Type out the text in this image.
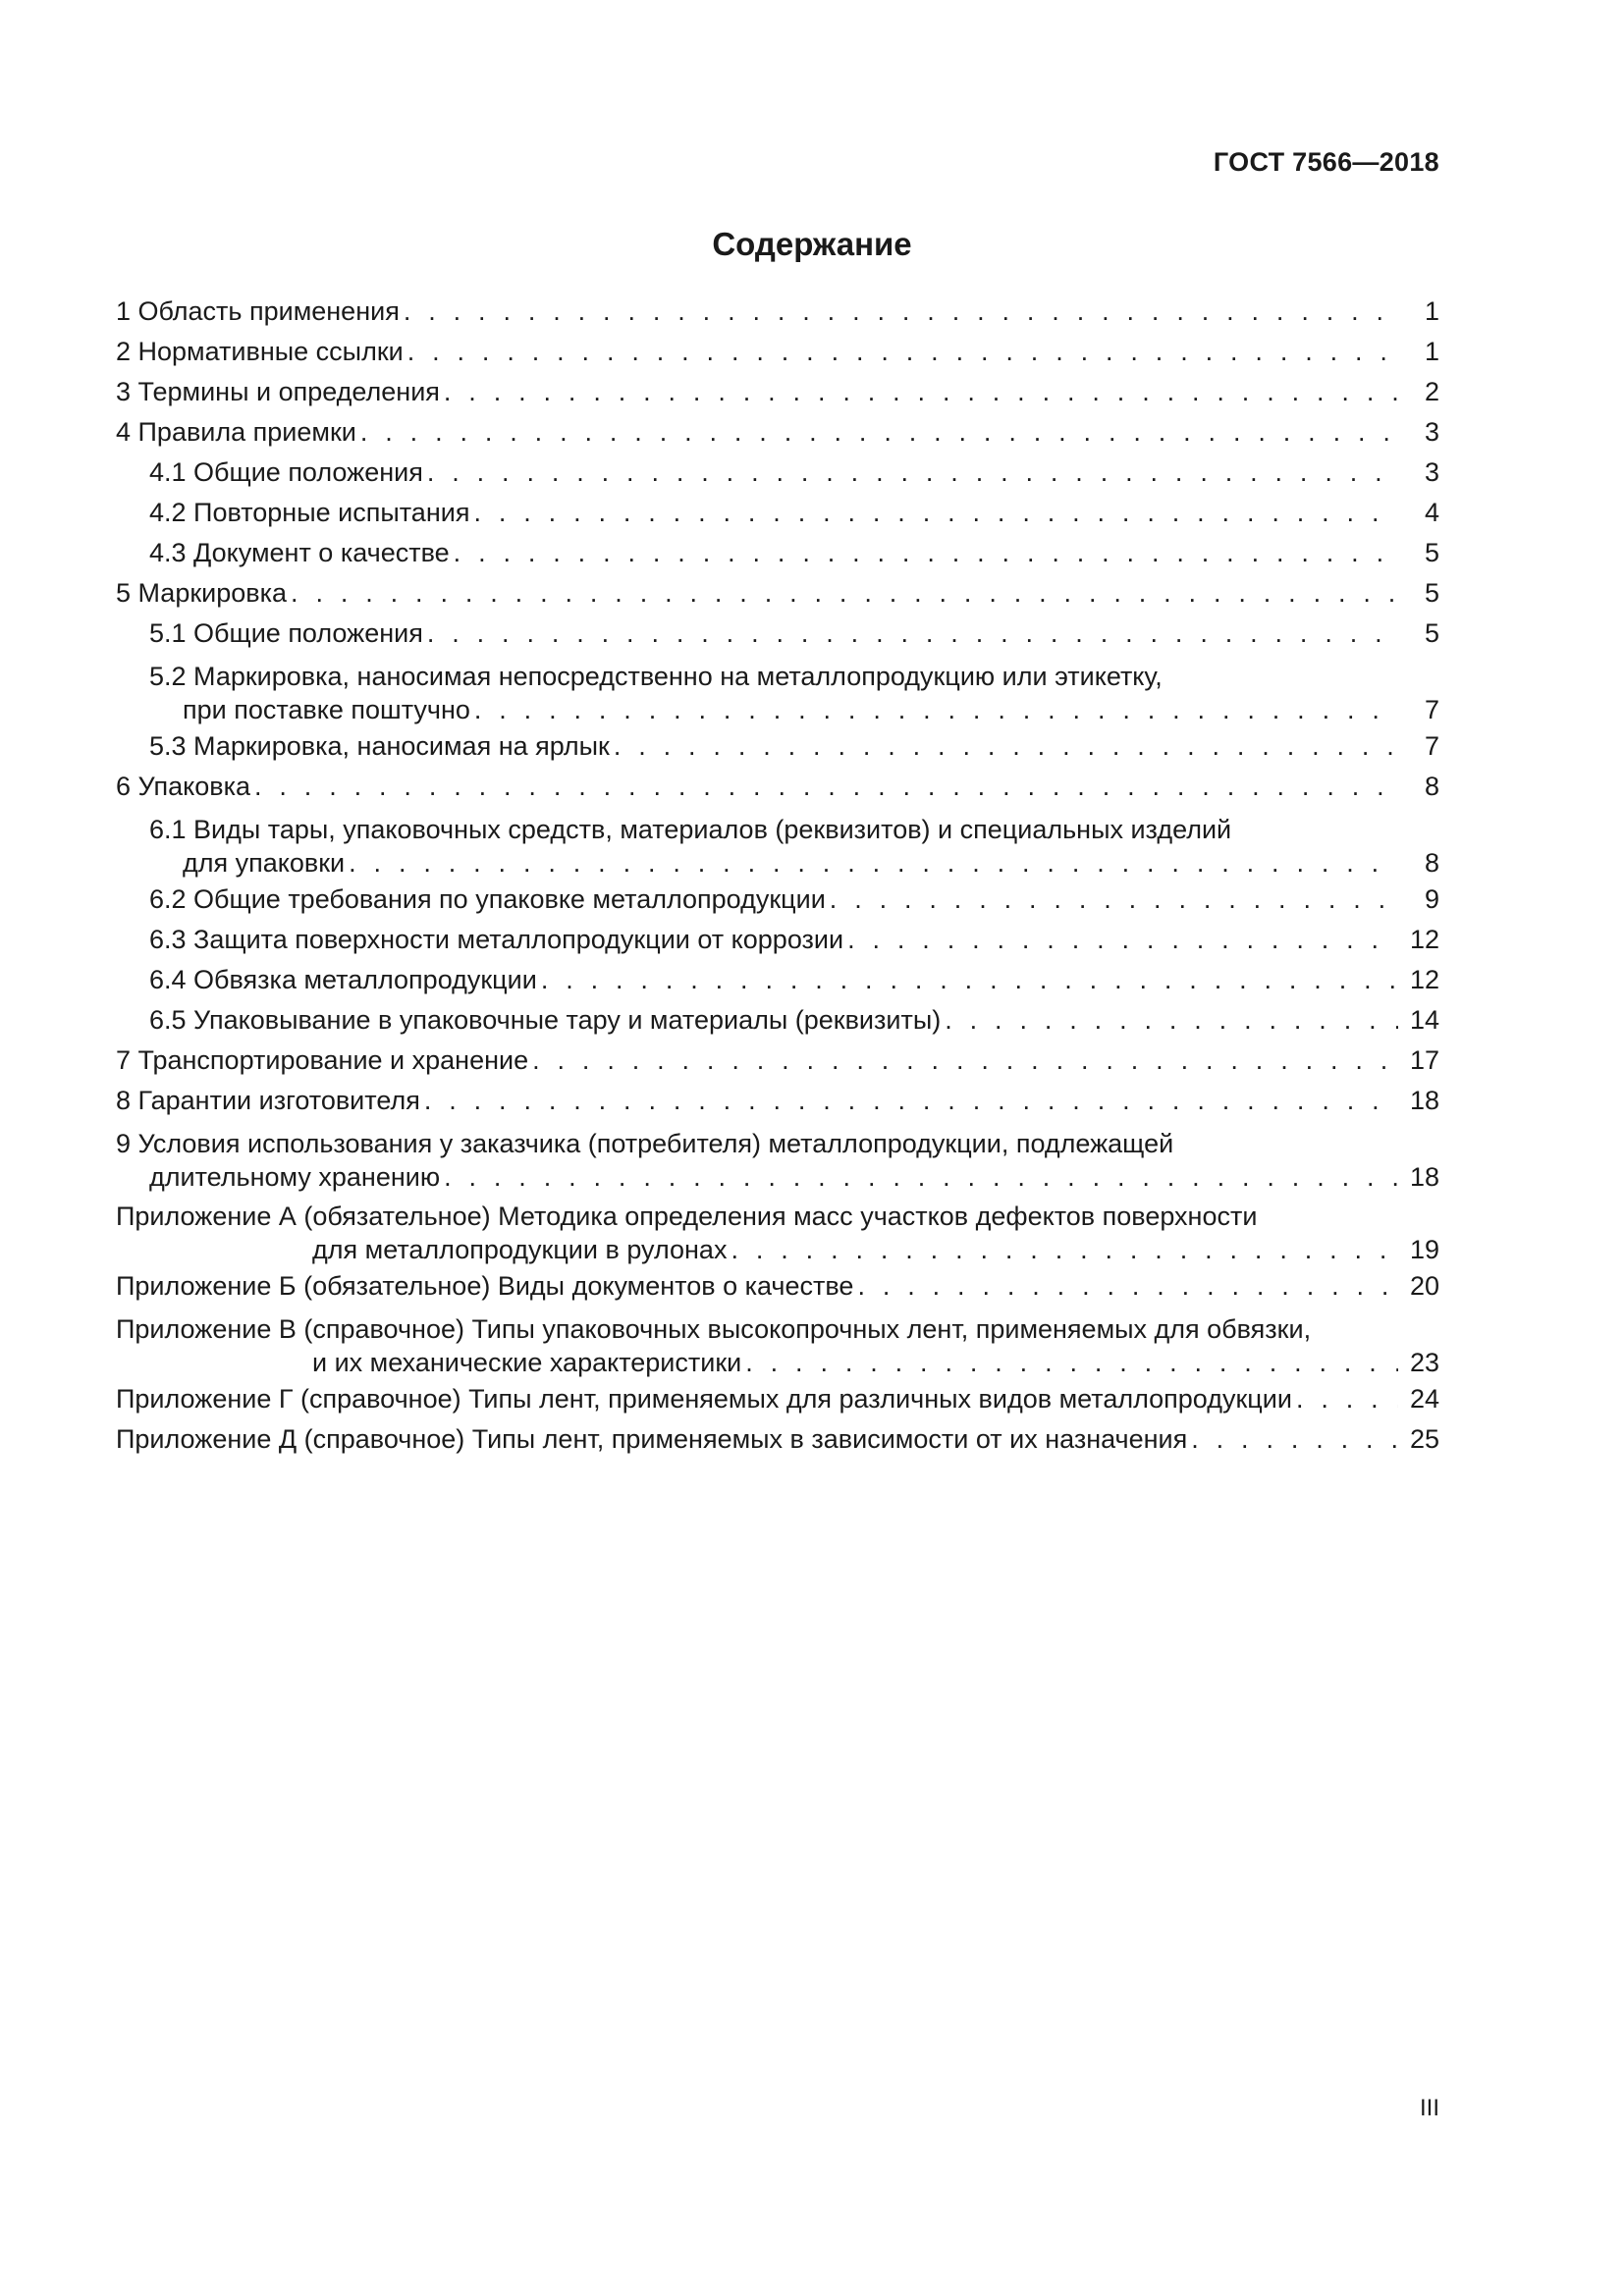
ГОСТ 7566—2018
Содержание
1 Область применения . . .	1
2 Нормативные ссылки . . .	1
3 Термины и определения . . .	2
4 Правила приемки . . .	3
4.1 Общие положения . . .	3
4.2 Повторные испытания . . .	4
4.3 Документ о качестве . . .	5
5 Маркировка . . .	5
5.1 Общие положения . . .	5
5.2 Маркировка, наносимая непосредственно на металлопродукцию или этикетку,
при поставке поштучно . . .	7
5.3 Маркировка, наносимая на ярлык . . .	7
6 Упаковка . . .	8
6.1 Виды тары, упаковочных средств, материалов (реквизитов) и специальных изделий
для упаковки . . .	8
6.2 Общие требования по упаковке металлопродукции . . .	9
6.3 Защита поверхности металлопродукции от коррозии . . .	12
6.4 Обвязка металлопродукции . . .	12
6.5 Упаковывание в упаковочные тару и материалы (реквизиты) . . .	14
7 Транспортирование и хранение . . .	17
8 Гарантии изготовителя . . .	18
9 Условия использования у заказчика (потребителя) металлопродукции, подлежащей
длительному хранению . . .	18
Приложение А (обязательное) Методика определения масс участков дефектов поверхности
для металлопродукции в рулонах . . .	19
Приложение Б (обязательное) Виды документов о качестве . . .	20
Приложение В (справочное) Типы упаковочных высокопрочных лент, применяемых для обвязки,
и их механические характеристики . . .	23
Приложение Г (справочное) Типы лент, применяемых для различных видов металлопродукции . . .	24
Приложение Д (справочное) Типы лент, применяемых в зависимости от их назначения . . .	25
III
